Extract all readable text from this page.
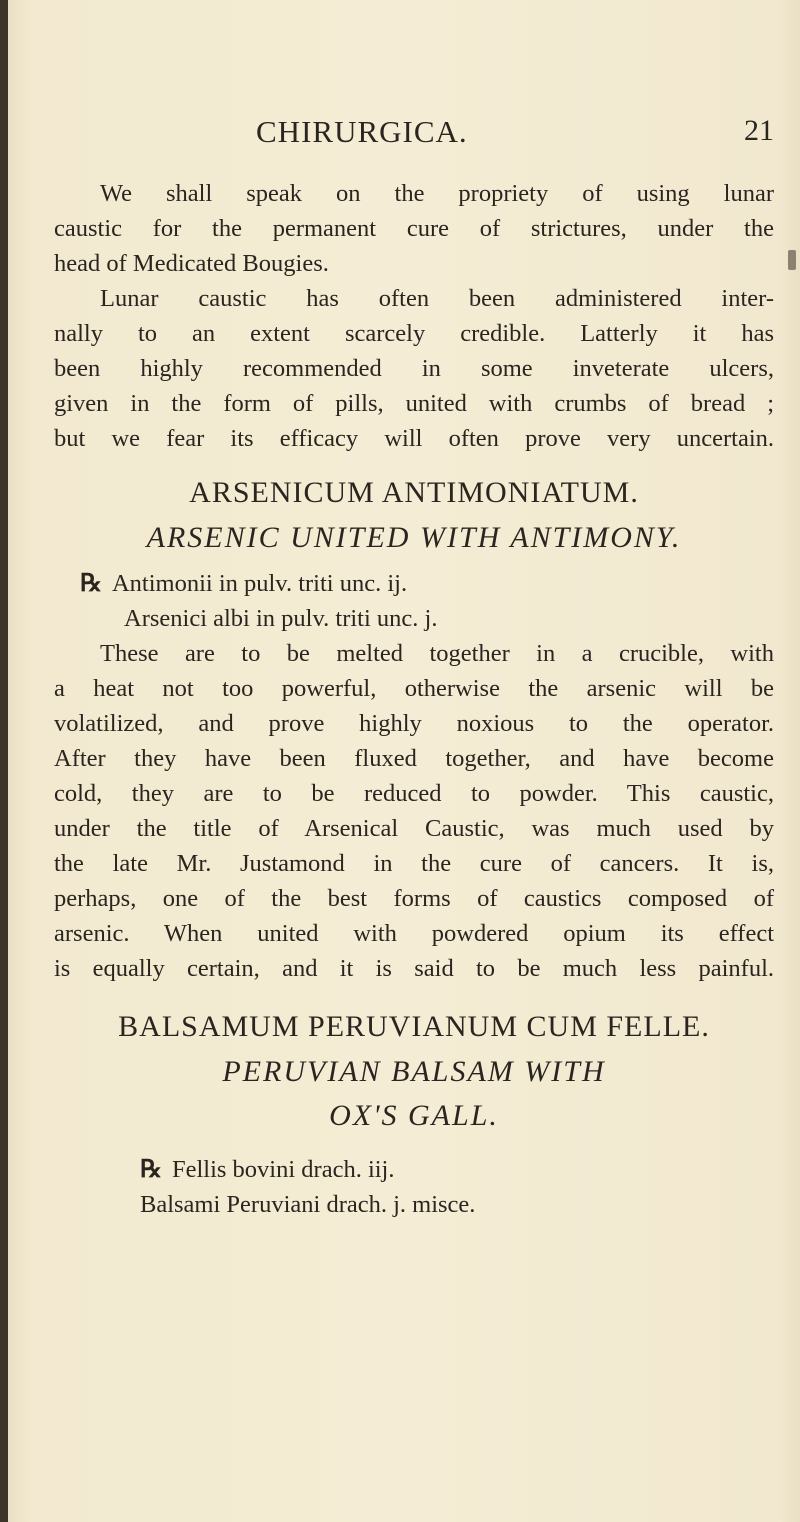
CHIRURGICA.	21
We shall speak on the propriety of using lunar
caustic for the permanent cure of strictures, under the
head of Medicated Bougies.
Lunar caustic has often been administered inter-
nally to an extent scarcely credible. Latterly it has
been highly recommended in some inveterate ulcers,
given in the form of pills, united with crumbs of bread ;
but we fear its efficacy will often prove very uncertain.
ARSENICUM ANTIMONIATUM.
ARSENIC UNITED WITH ANTIMONY.
℞ Antimonii in pulv. triti unc. ij.
Arsenici albi in pulv. triti unc. j.
These are to be melted together in a crucible, with
a heat not too powerful, otherwise the arsenic will be
volatilized, and prove highly noxious to the operator.
After they have been fluxed together, and have become
cold, they are to be reduced to powder. This caustic,
under the title of Arsenical Caustic, was much used by
the late Mr. Justamond in the cure of cancers. It is,
perhaps, one of the best forms of caustics composed of
arsenic. When united with powdered opium its effect
is equally certain, and it is said to be much less painful.
BALSAMUM PERUVIANUM CUM FELLE.
PERUVIAN BALSAM WITH
OX'S GALL.
℞ Fellis bovini drach. iij.
Balsami Peruviani drach. j. misce.
